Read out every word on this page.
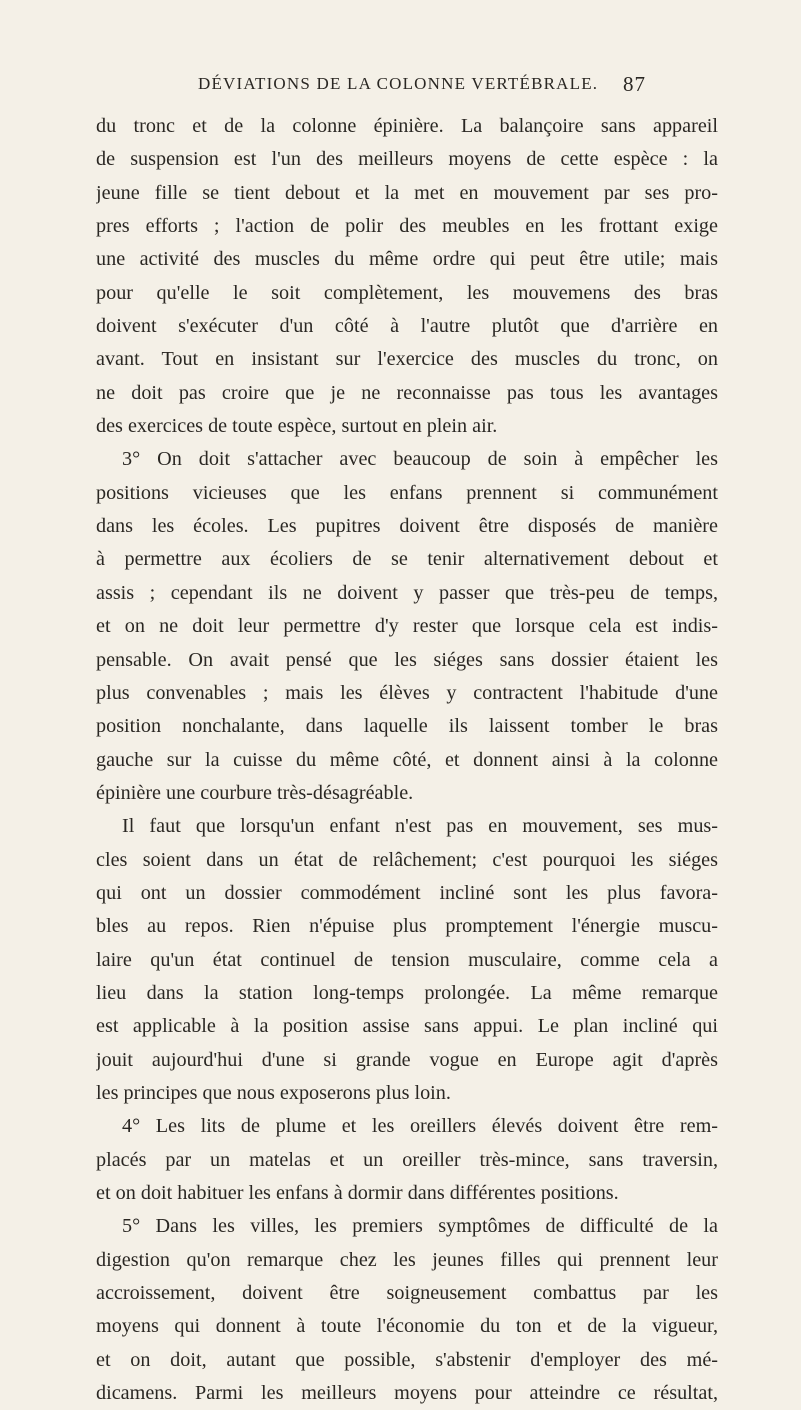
DÉVIATIONS DE LA COLONNE VERTÉBRALE.	87
du tronc et de la colonne épinière. La balançoire sans appareil
de suspension est l'un des meilleurs moyens de cette espèce : la
jeune fille se tient debout et la met en mouvement par ses pro-
pres efforts ; l'action de polir des meubles en les frottant exige
une activité des muscles du même ordre qui peut être utile; mais
pour qu'elle le soit complètement, les mouvemens des bras
doivent s'exécuter d'un côté à l'autre plutôt que d'arrière en
avant. Tout en insistant sur l'exercice des muscles du tronc, on
ne doit pas croire que je ne reconnaisse pas tous les avantages
des exercices de toute espèce, surtout en plein air.
3° On doit s'attacher avec beaucoup de soin à empêcher les
positions vicieuses que les enfans prennent si communément
dans les écoles. Les pupitres doivent être disposés de manière
à permettre aux écoliers de se tenir alternativement debout et
assis ; cependant ils ne doivent y passer que très-peu de temps,
et on ne doit leur permettre d'y rester que lorsque cela est indis-
pensable. On avait pensé que les siéges sans dossier étaient les
plus convenables ; mais les élèves y contractent l'habitude d'une
position nonchalante, dans laquelle ils laissent tomber le bras
gauche sur la cuisse du même côté, et donnent ainsi à la colonne
épinière une courbure très-désagréable.
Il faut que lorsqu'un enfant n'est pas en mouvement, ses mus-
cles soient dans un état de relâchement; c'est pourquoi les siéges
qui ont un dossier commodément incliné sont les plus favora-
bles au repos. Rien n'épuise plus promptement l'énergie muscu-
laire qu'un état continuel de tension musculaire, comme cela a
lieu dans la station long-temps prolongée. La même remarque
est applicable à la position assise sans appui. Le plan incliné qui
jouit aujourd'hui d'une si grande vogue en Europe agit d'après
les principes que nous exposerons plus loin.
4° Les lits de plume et les oreillers élevés doivent être rem-
placés par un matelas et un oreiller très-mince, sans traversin,
et on doit habituer les enfans à dormir dans différentes positions.
5° Dans les villes, les premiers symptômes de difficulté de la
digestion qu'on remarque chez les jeunes filles qui prennent leur
accroissement, doivent être soigneusement combattus par les
moyens qui donnent à toute l'économie du ton et de la vigueur,
et on doit, autant que possible, s'abstenir d'employer des mé-
dicamens. Parmi les meilleurs moyens pour atteindre ce résultat,
